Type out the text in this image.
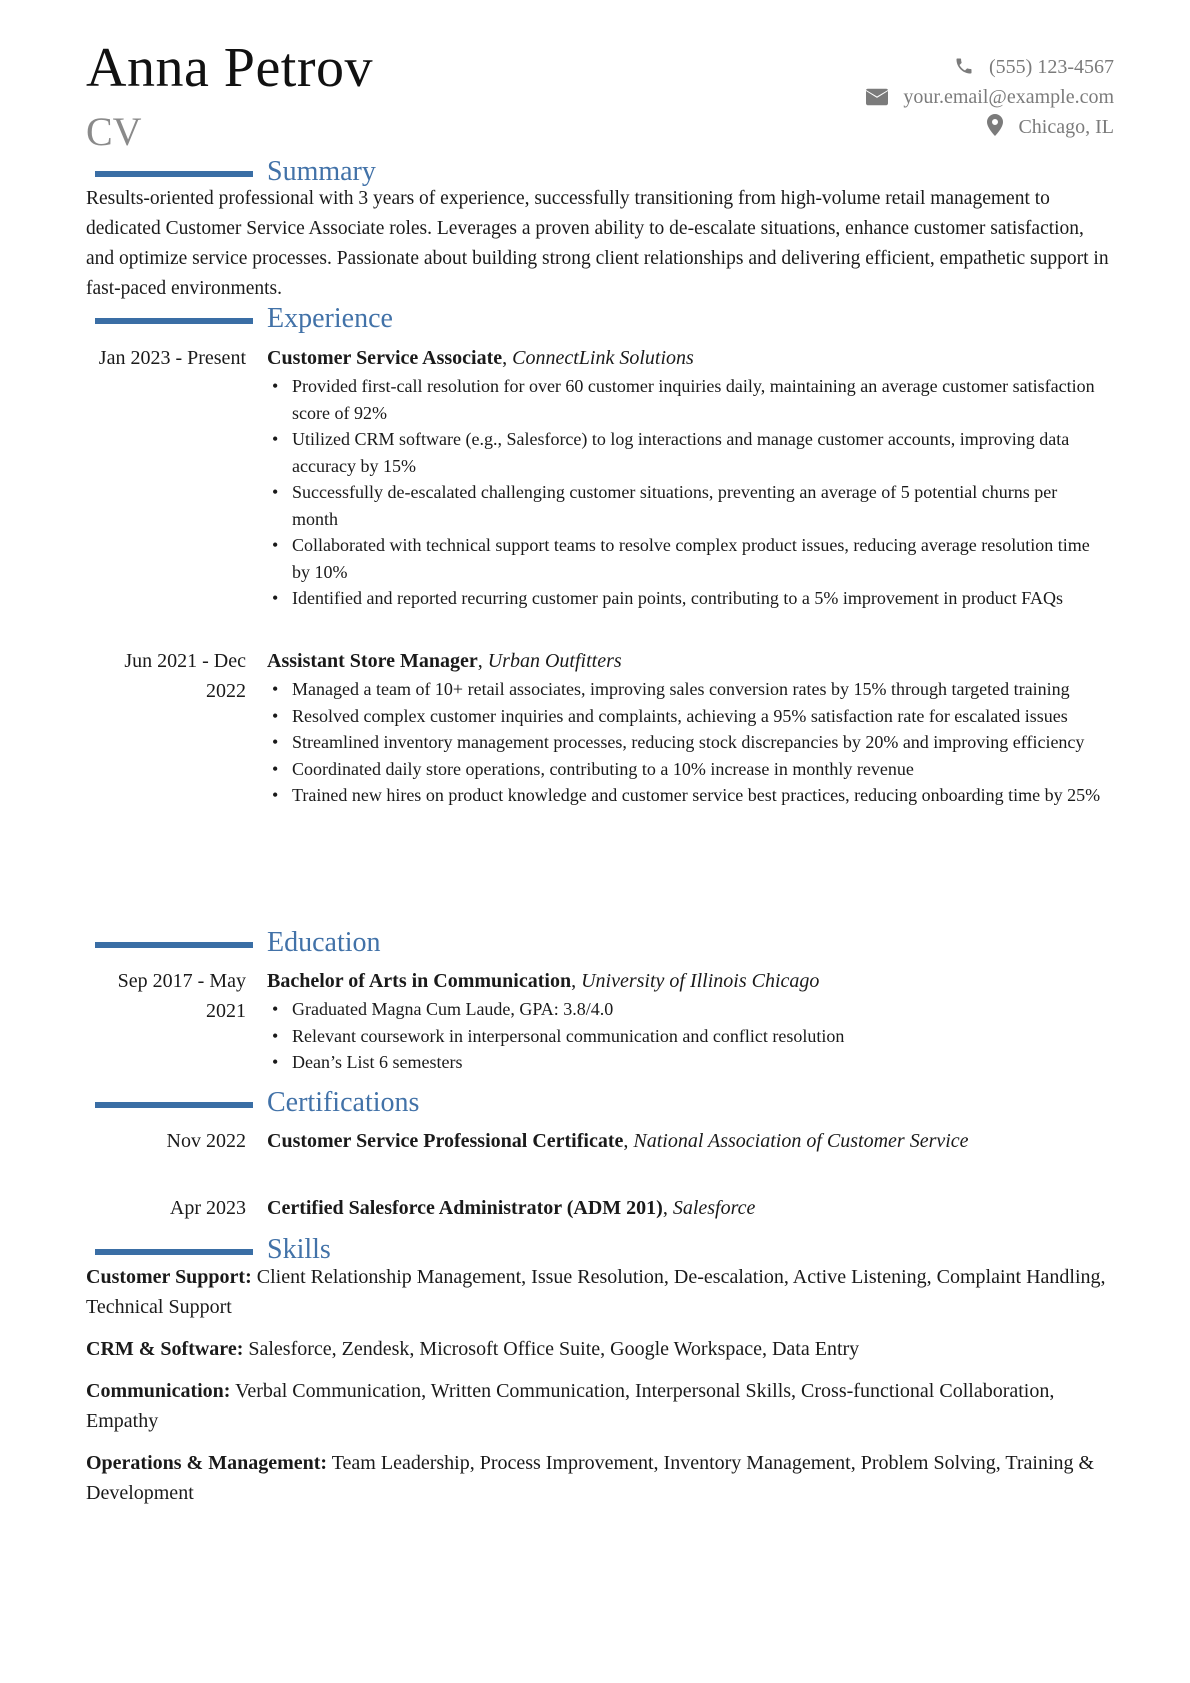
Anna Petrov
CV
(555) 123-4567
your.email@example.com
Chicago, IL
Summary

Results-oriented professional with 3 years of experience, successfully transitioning from high-volume retail management to dedicated Customer Service Associate roles. Leverages a proven ability to de-escalate situations, enhance customer satisfaction, and optimize service processes. Passionate about building strong client relationships and delivering efficient, empathetic support in fast-paced environments.

Experience
Jan 2023 - Present Customer Service Associate, ConnectLink Solutions
• Provided first-call resolution for over 60 customer inquiries daily, maintaining an average customer satisfaction score of 92%
• Utilized CRM software (e.g., Salesforce) to log interactions and manage customer accounts, improving data accuracy by 15%
• Successfully de-escalated challenging customer situations, preventing an average of 5 potential churns per month
• Collaborated with technical support teams to resolve complex product issues, reducing average resolution time by 10%
• Identified and reported recurring customer pain points, contributing to a 5% improvement in product FAQs
Jun 2021 - Dec 2022
Assistant Store Manager, Urban Outfitters
• Managed a team of 10+ retail associates, improving sales conversion rates by 15% through targeted training
• Resolved complex customer inquiries and complaints, achieving a 95% satisfaction rate for escalated issues
• Streamlined inventory management processes, reducing stock discrepancies by 20% and improving efficiency
• Coordinated daily store operations, contributing to a 10% increase in monthly revenue
• Trained new hires on product knowledge and customer service best practices, reducing onboarding time by 25%
Education
Sep 2017 - May 2021
Bachelor of Arts in Communication, University of Illinois Chicago
• Graduated Magna Cum Laude, GPA: 3.8/4.0
• Relevant coursework in interpersonal communication and conflict resolution
• Dean’s List 6 semesters
Certifications
Nov 2022 Customer Service Professional Certificate, National Association of Customer Service
Apr 2023 Certified Salesforce Administrator (ADM 201), Salesforce
Skills

Customer Support: Client Relationship Management, Issue Resolution, De-escalation, Active Listening, Complaint Handling, Technical Support

CRM & Software: Salesforce, Zendesk, Microsoft Office Suite, Google Workspace, Data Entry

Communication: Verbal Communication, Written Communication, Interpersonal Skills, Cross-functional Collaboration, Empathy

Operations & Management: Team Leadership, Process Improvement, Inventory Management, Problem Solving, Training & Development
